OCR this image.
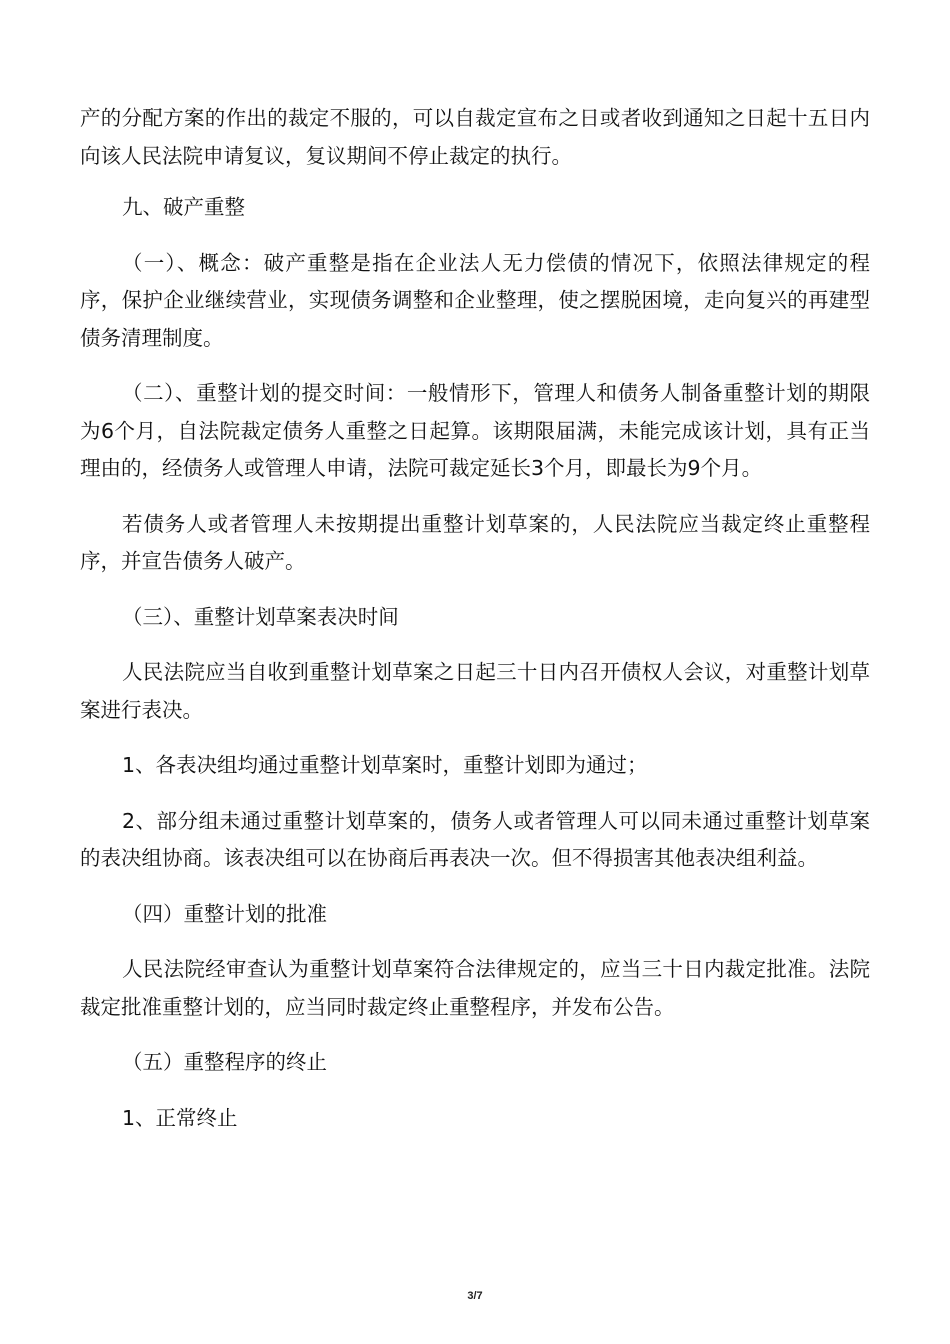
产的分配方案的作出的裁定不服的，可以自裁定宣布之日或者收到通知之日起十五日内向该人民法院申请复议，复议期间不停止裁定的执行。

九、破产重整

（一）、概念：破产重整是指在企业法人无力偿债的情况下，依照法律规定的程序，保护企业继续营业，实现债务调整和企业整理，使之摆脱困境，走向复兴的再建型债务清理制度。

（二）、重整计划的提交时间：一般情形下，管理人和债务人制备重整计划的期限为6个月，自法院裁定债务人重整之日起算。该期限届满，未能完成该计划，具有正当理由的，经债务人或管理人申请，法院可裁定延长3个月，即最长为9个月。

若债务人或者管理人未按期提出重整计划草案的，人民法院应当裁定终止重整程序，并宣告债务人破产。

（三）、重整计划草案表决时间

人民法院应当自收到重整计划草案之日起三十日内召开债权人会议，对重整计划草案进行表决。

1、各表决组均通过重整计划草案时，重整计划即为通过；

2、部分组未通过重整计划草案的，债务人或者管理人可以同未通过重整计划草案的表决组协商。该表决组可以在协商后再表决一次。但不得损害其他表决组利益。

（四）重整计划的批准

人民法院经审查认为重整计划草案符合法律规定的，应当三十日内裁定批准。法院裁定批准重整计划的，应当同时裁定终止重整程序，并发布公告。

（五）重整程序的终止

1、正常终止

3/7
